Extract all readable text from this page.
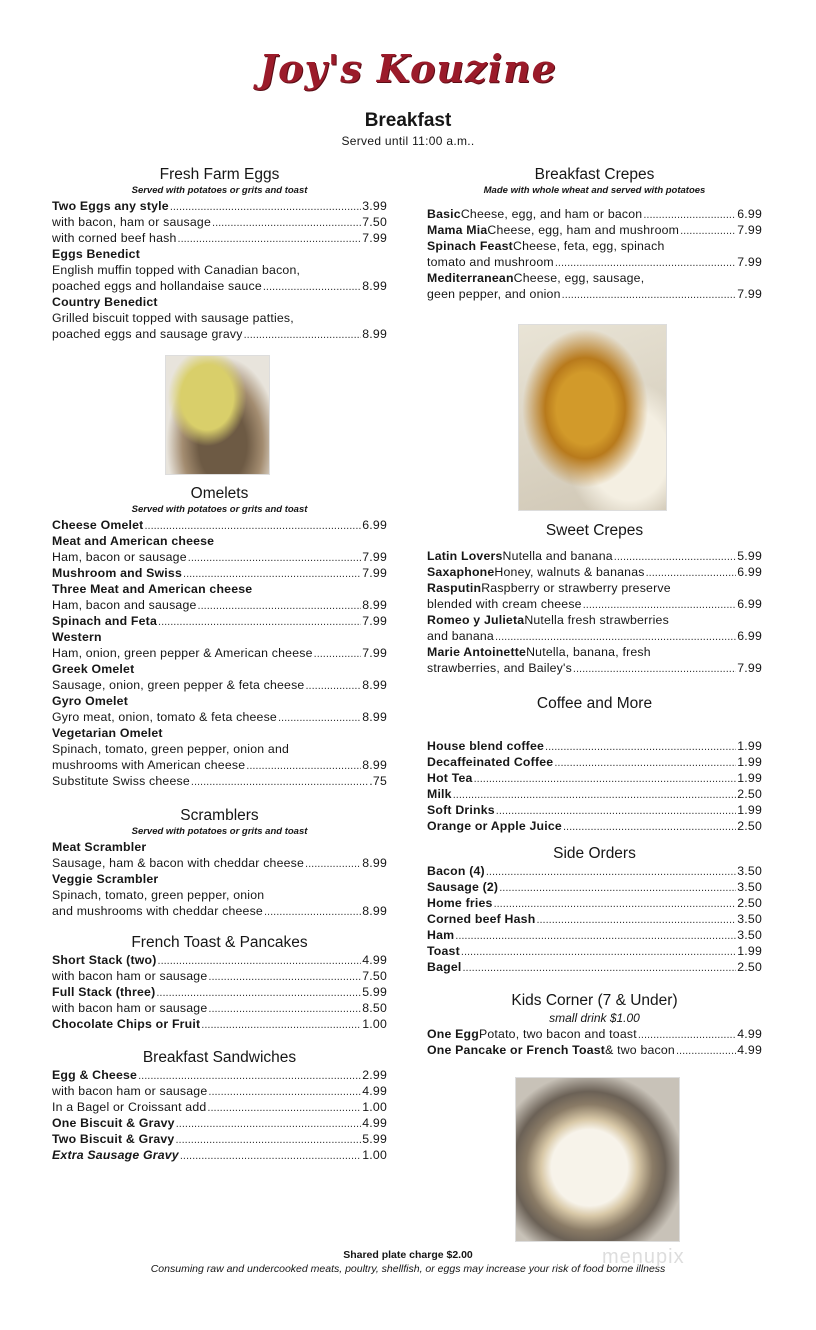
Joy's Kouzine
Breakfast
Served until 11:00 a.m..
Fresh Farm Eggs
Served with potatoes or grits and toast
Two Eggs any style .....	3.99
with bacon, ham or sausage .....	7.50
with corned beef hash .....	7.99
Eggs Benedict
English muffin topped with Canadian bacon,
poached eggs and hollandaise sauce .....	8.99
Country Benedict
Grilled biscuit topped with sausage patties,
poached eggs and sausage gravy .....	8.99
Omelets
Served with potatoes or grits and toast
Cheese Omelet .....	6.99
Meat and American cheese
Ham, bacon or sausage .....	7.99
Mushroom and Swiss .....	7.99
Three Meat and American cheese
Ham, bacon and sausage .....	8.99
Spinach and Feta .....	7.99
Western
Ham, onion, green pepper & American cheese .....	7.99
Greek Omelet
Sausage, onion, green pepper & feta cheese .....	8.99
Gyro Omelet
Gyro meat, onion, tomato & feta cheese .....	8.99
Vegetarian Omelet
Spinach, tomato, green pepper, onion and
mushrooms with American cheese .....	8.99
Substitute Swiss cheese .....	.75
Scramblers
Served with potatoes or grits and toast
Meat Scrambler
Sausage, ham & bacon with cheddar cheese .....	8.99
Veggie Scrambler
Spinach, tomato, green pepper, onion
and mushrooms with cheddar cheese .....	8.99
French Toast & Pancakes
Short Stack (two) .....	4.99
with bacon ham or sausage .....	7.50
Full Stack (three) .....	5.99
with bacon ham or sausage .....	8.50
Chocolate Chips or Fruit .....	1.00
Breakfast Sandwiches
Egg & Cheese .....	2.99
with bacon ham or sausage .....	4.99
In a Bagel or Croissant add .....	1.00
One Biscuit & Gravy .....	4.99
Two Biscuit & Gravy .....	5.99
Extra Sausage Gravy .....	1.00
Breakfast Crepes
Made with whole wheat and served with potatoes
Basic Cheese, egg, and ham or bacon .....	6.99
Mama Mia Cheese, egg, ham and mushroom .....	7.99
Spinach Feast Cheese, feta, egg, spinach
tomato and mushroom .....	7.99
Mediterranean Cheese, egg, sausage,
geen pepper, and onion .....	7.99
Sweet Crepes
Latin Lovers Nutella and banana .....	5.99
Saxaphone Honey, walnuts & bananas .....	6.99
Rasputin Raspberry or strawberry preserve
blended with cream cheese .....	6.99
Romeo y Julieta Nutella fresh strawberries
and banana .....	6.99
Marie Antoinette Nutella, banana, fresh
strawberries, and Bailey's .....	7.99
Coffee and More
House blend coffee .....	1.99
Decaffeinated Coffee .....	1.99
Hot Tea .....	1.99
Milk .....	2.50
Soft Drinks .....	1.99
Orange or Apple Juice .....	2.50
Side Orders
Bacon (4) .....	3.50
Sausage (2) .....	3.50
Home fries .....	2.50
Corned beef Hash .....	3.50
Ham .....	3.50
Toast .....	1.99
Bagel .....	2.50
Kids Corner (7 & Under)
small drink $1.00
One Egg Potato, two bacon and toast .....	4.99
One Pancake or French Toast & two bacon .....	4.99
Shared plate charge $2.00
Consuming raw and undercooked meats, poultry, shellfish, or eggs may increase your risk of food borne illness
menupix
